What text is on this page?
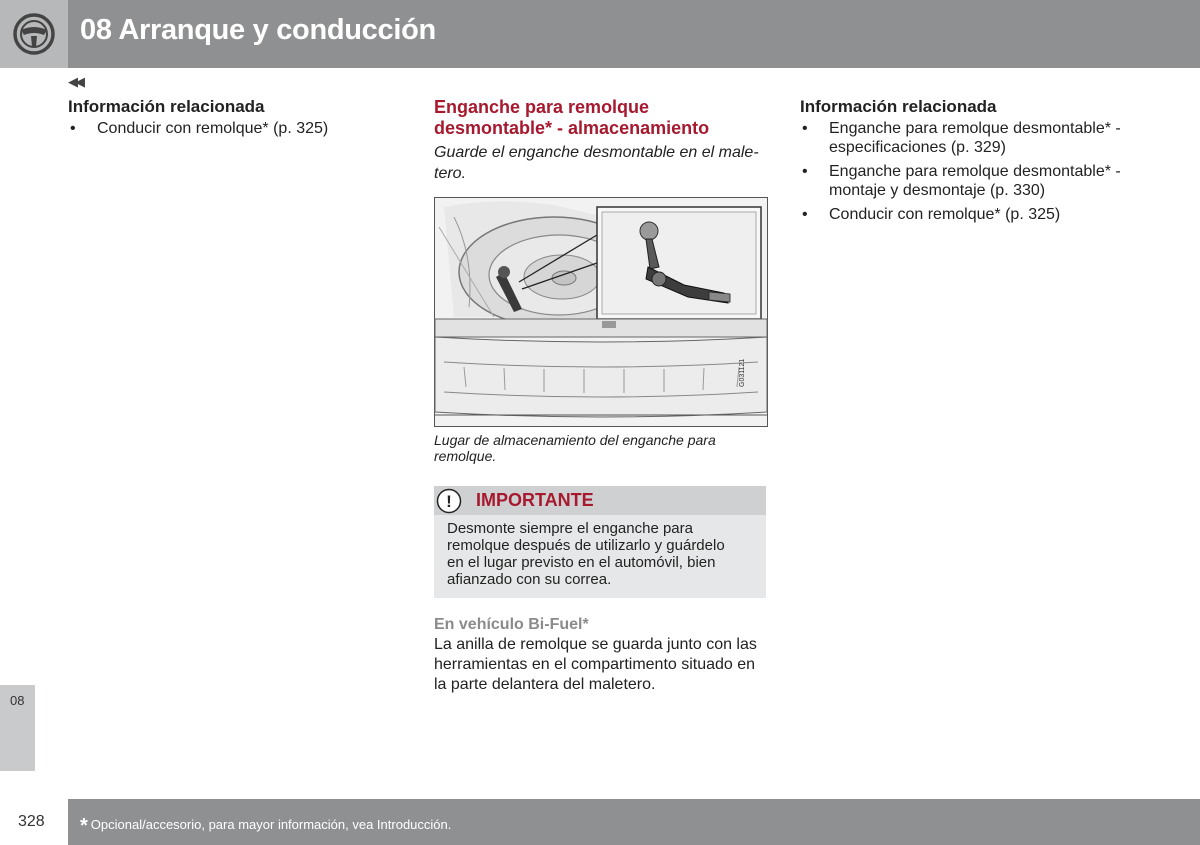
08 Arranque y conducción
◀◀
Información relacionada
• Conducir con remolque* (p. 325)
Enganche para remolque
desmontable* - almacenamiento
Guarde el enganche desmontable en el male-
tero.
G031121
Lugar de almacenamiento del enganche para
remolque.
! IMPORTANTE
Desmonte siempre el enganche para
remolque después de utilizarlo y guárdelo
en el lugar previsto en el automóvil, bien
afianzado con su correa.
En vehículo Bi-Fuel*
La anilla de remolque se guarda junto con las
herramientas en el compartimento situado en
la parte delantera del maletero.
Información relacionada
• Enganche para remolque desmontable* -
especificaciones (p. 329)
• Enganche para remolque desmontable* -
montaje y desmontaje (p. 330)
• Conducir con remolque* (p. 325)
08
328 * Opcional/accesorio, para mayor información, vea Introducción.
